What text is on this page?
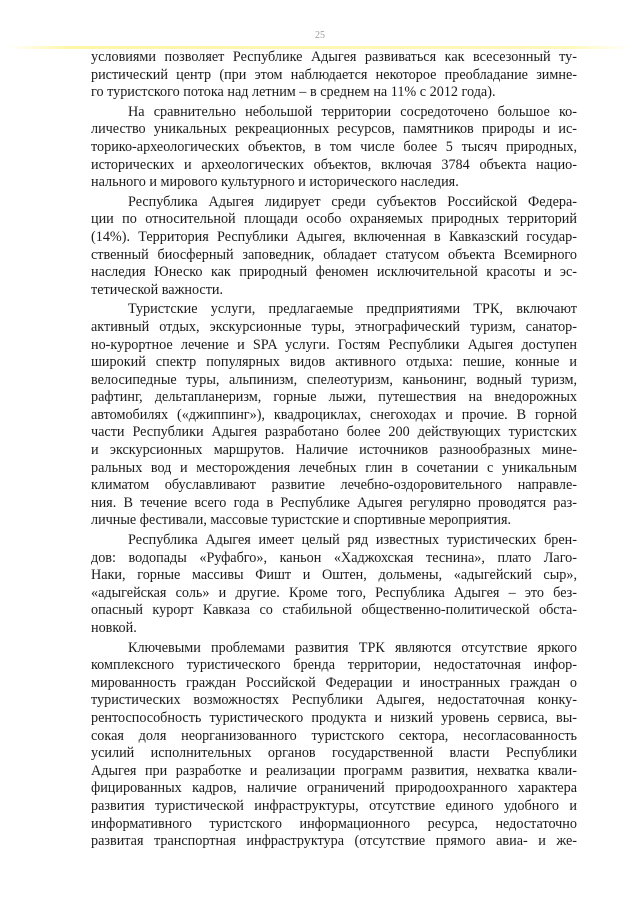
25
условиями позволяет Республике Адыгея развиваться как всесезонный ту-
ристический центр (при этом наблюдается некоторое преобладание зимне-
го туристского потока над летним – в среднем на 11% с 2012 года).
На сравнительно небольшой территории сосредоточено большое ко-
личество уникальных рекреационных ресурсов, памятников природы и ис-
торико-археологических объектов, в том числе более 5 тысяч природных,
исторических и археологических объектов, включая 3784 объекта нацио-
нального и мирового культурного и исторического наследия.
Республика Адыгея лидирует среди субъектов Российской Федера-
ции по относительной площади особо охраняемых природных территорий
(14%). Территория Республики Адыгея, включенная в Кавказский государ-
ственный биосферный заповедник, обладает статусом объекта Всемирного
наследия Юнеско как природный феномен исключительной красоты и эс-
тетической важности.
Туристские услуги, предлагаемые предприятиями ТРК, включают
активный отдых, экскурсионные туры, этнографический туризм, санатор-
но-курортное лечение и SPA услуги. Гостям Республики Адыгея доступен
широкий спектр популярных видов активного отдыха: пешие, конные и
велосипедные туры, альпинизм, спелеотуризм, каньонинг, водный туризм,
рафтинг, дельтапланеризм, горные лыжи, путешествия на внедорожных
автомобилях («джиппинг»), квадроциклах, снегоходах и прочие. В горной
части Республики Адыгея разработано более 200 действующих туристских
и экскурсионных маршрутов. Наличие источников разнообразных мине-
ральных вод и месторождения лечебных глин в сочетании с уникальным
климатом обуславливают развитие лечебно-оздоровительного направле-
ния. В течение всего года в Республике Адыгея регулярно проводятся раз-
личные фестивали, массовые туристские и спортивные мероприятия.
Республика Адыгея имеет целый ряд известных туристических брен-
дов: водопады «Руфабго», каньон «Хаджохская теснина», плато Лаго-
Наки, горные массивы Фишт и Оштен, дольмены, «адыгейский сыр»,
«адыгейская соль» и другие. Кроме того, Республика Адыгея – это без-
опасный курорт Кавказа со стабильной общественно-политической обста-
новкой.
Ключевыми проблемами развития ТРК являются отсутствие яркого
комплексного туристического бренда территории, недостаточная инфор-
мированность граждан Российской Федерации и иностранных граждан о
туристических возможностях Республики Адыгея, недостаточная конку-
рентоспособность туристического продукта и низкий уровень сервиса, вы-
сокая доля неорганизованного туристского сектора, несогласованность
усилий исполнительных органов государственной власти Республики
Адыгея при разработке и реализации программ развития, нехватка квали-
фицированных кадров, наличие ограничений природоохранного характера
развития туристической инфраструктуры, отсутствие единого удобного и
информативного туристского информационного ресурса, недостаточно
развитая транспортная инфраструктура (отсутствие прямого авиа- и же-
